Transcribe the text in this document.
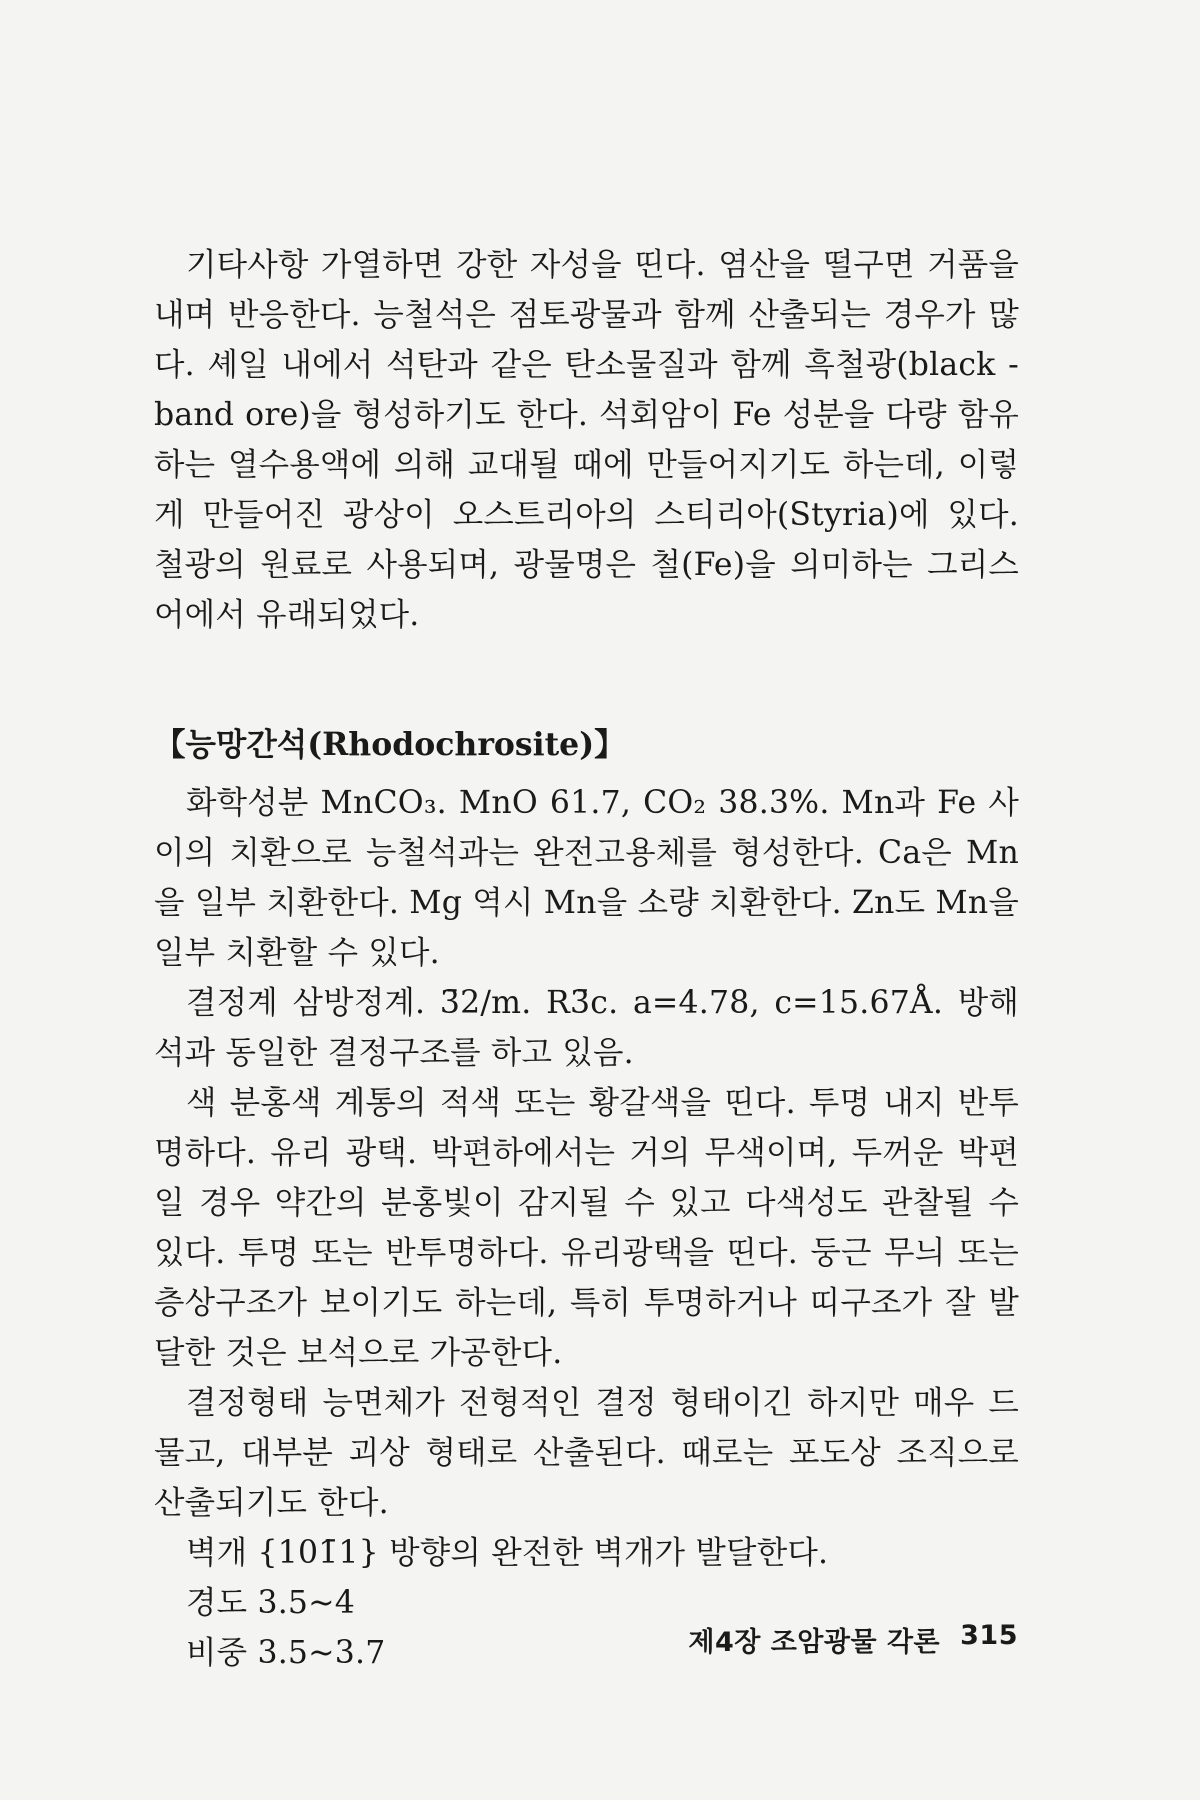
기타사항 가열하면 강한 자성을 띤다. 염산을 떨구면 거품을 내며 반응한다. 능철석은 점토광물과 함께 산출되는 경우가 많다. 셰일 내에서 석탄과 같은 탄소물질과 함께 흑철광(black - band ore)을 형성하기도 한다. 석회암이 Fe 성분을 다량 함유하는 열수용액에 의해 교대될 때에 만들어지기도 하는데, 이렇게 만들어진 광상이 오스트리아의 스티리아(Styria)에 있다. 철광의 원료로 사용되며, 광물명은 철(Fe)을 의미하는 그리스어에서 유래되었다.

【능망간석(Rhodochrosite)】

화학성분 MnCO₃. MnO 61.7, CO₂ 38.3%. Mn과 Fe 사이의 치환으로 능철석과는 완전고용체를 형성한다. Ca은 Mn을 일부 치환한다. Mg 역시 Mn을 소량 치환한다. Zn도 Mn을 일부 치환할 수 있다.

결정계 삼방정계. 3̄2/m. R3̄c. a=4.78, c=15.67Å. 방해석과 동일한 결정구조를 하고 있음.

색 분홍색 계통의 적색 또는 황갈색을 띤다. 투명 내지 반투명하다. 유리 광택. 박편하에서는 거의 무색이며, 두꺼운 박편일 경우 약간의 분홍빛이 감지될 수 있고 다색성도 관찰될 수 있다. 투명 또는 반투명하다. 유리광택을 띤다. 둥근 무늬 또는 층상구조가 보이기도 하는데, 특히 투명하거나 띠구조가 잘 발달한 것은 보석으로 가공한다.

결정형태 능면체가 전형적인 결정 형태이긴 하지만 매우 드물고, 대부분 괴상 형태로 산출된다. 때로는 포도상 조직으로 산출되기도 한다.

벽개 {101̄1} 방향의 완전한 벽개가 발달한다.

경도 3.5~4

비중 3.5~3.7	제4장 조암광물 각론 315
